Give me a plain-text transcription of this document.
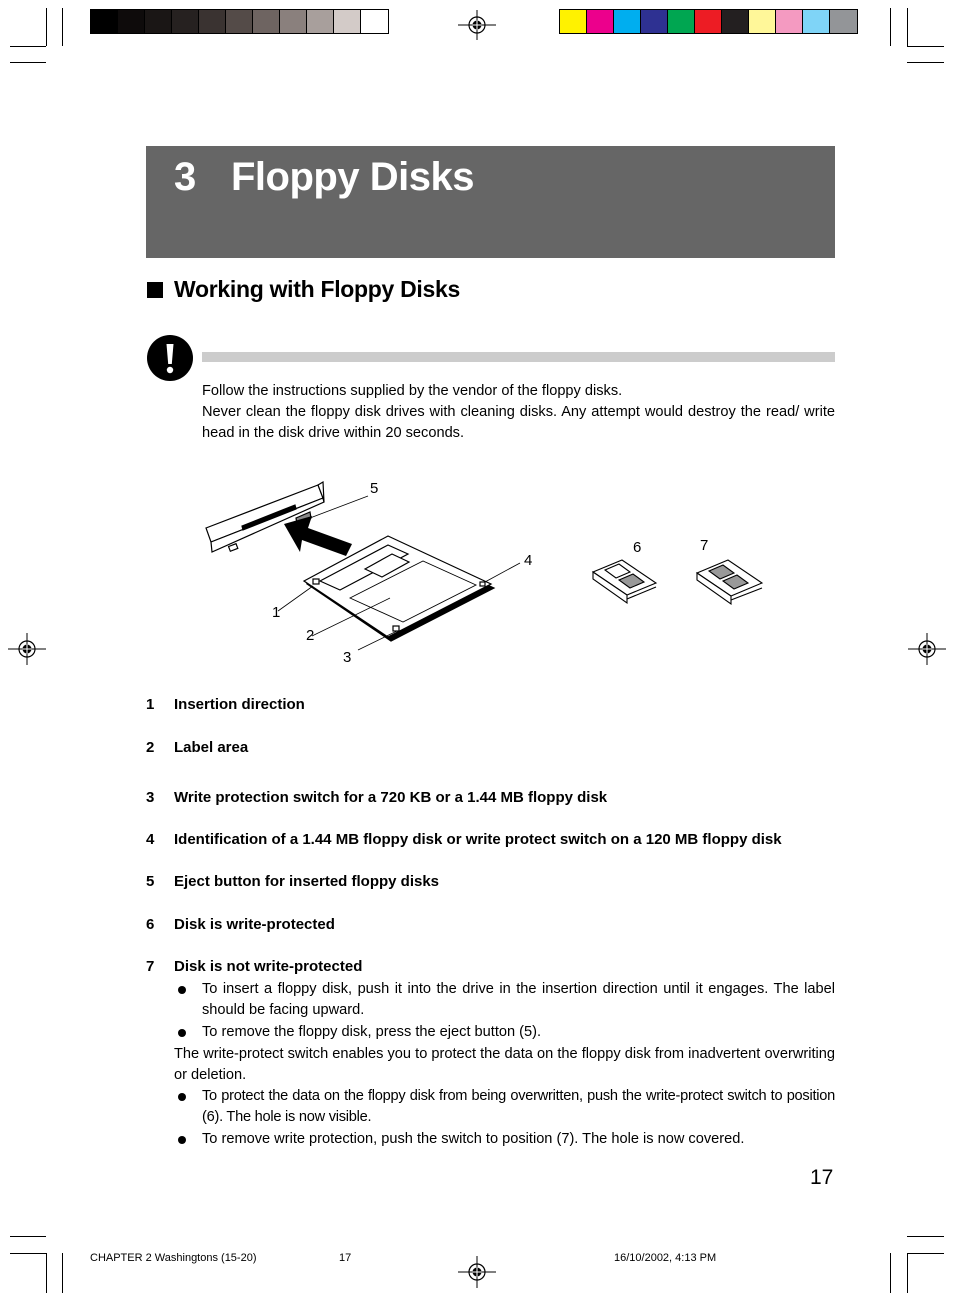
3 Floppy Disks
Working with Floppy Disks
Follow the instructions supplied by the vendor of the floppy disks.
Never clean the floppy disk drives with cleaning disks. Any attempt would destroy the read/ write head in the disk drive within 20 seconds.
5
4
6	7
1
2
3
1 Insertion direction
2 Label area
3 Write protection switch for a 720 KB or a 1.44 MB floppy disk
4 Identification of a 1.44 MB floppy disk or write protect switch on a 120 MB floppy disk
5 Eject button for inserted floppy disks
6 Disk is write-protected
7 Disk is not write-protected
To insert a floppy disk, push it into the drive in the insertion direction until it engages. The label should be facing upward.
To remove the floppy disk, press the eject button (5).
The write-protect switch enables you to protect the data on the floppy disk from inadvertent overwriting or deletion.
To protect the data on the floppy disk from being overwritten, push the write-protect switch to position (6). The hole is now visible.
To remove write protection, push the switch to position (7). The hole is now covered.
17
CHAPTER 2 Washingtons (15-20)	17	16/10/2002, 4:13 PM
